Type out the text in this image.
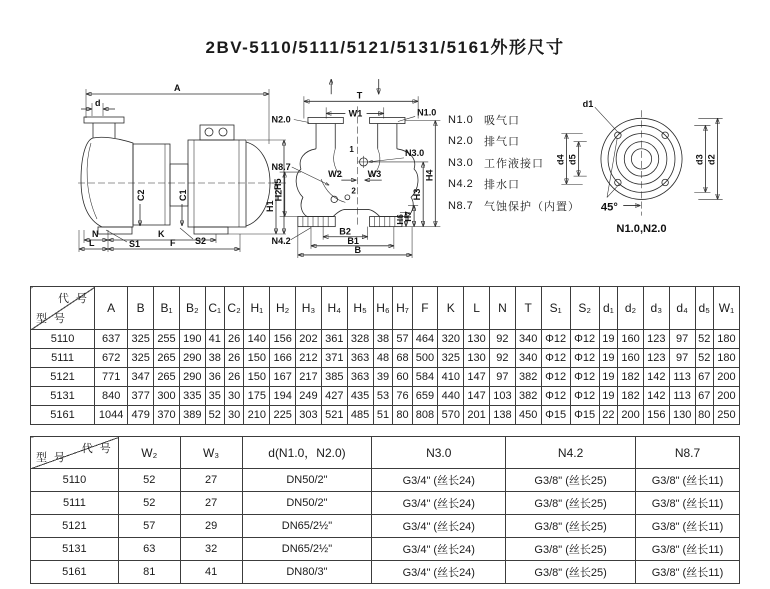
2BV-5110/5111/5121/5131/5161外形尺寸
A
d
C2	C1
H1
H5
S1	S2
N	K
L	F
T
W1
N2.0
N1.0
N8.7
N3.0
N4.2
1
2
W2	W3
H2
H4
H3
H6 H7
B2
B1
B
N1.0 吸气口
N2.0 排气口
N3.0 工作液接口
N4.2 排水口
N8.7 气蚀保护（内置）
d1
d4 d5	d3 d2
45°
N1.0,N2.0
代 号
型 号	A	B	B₁	B₂	C₁	C₂	H₁	H₂	H₃	H₄	H₅	H₆	H₇	F	K	L	N	T	S₁	S₂	d₁	d₂	d₃	d₄	d₅	W₁
5110	637	325	255	190	41	26	140	156	202	361	328	38	57	464	320	130	92	340	Φ12	Φ12	19	160	123	97	52	180
5111	672	325	265	290	38	26	150	166	212	371	363	48	68	500	325	130	92	340	Φ12	Φ12	19	160	123	97	52	180
5121	771	347	265	290	36	26	150	167	217	385	363	39	60	584	410	147	97	382	Φ12	Φ12	19	182	142	113	67	200
5131	840	377	300	335	35	30	175	194	249	427	435	53	76	659	440	147	103	382	Φ12	Φ12	19	182	142	113	67	200
5161	1044	479	370	389	52	30	210	225	303	521	485	51	80	808	570	201	138	450	Φ15	Φ15	22	200	156	130	80	250
代 号
型 号	W₂	W₃	d(N1.0，N2.0)	N3.0	N4.2	N8.7
5110	52	27	DN50/2"	G3/4" (丝长24)	G3/8" (丝长25)	G3/8" (丝长11)
5111	52	27	DN50/2"	G3/4" (丝长24)	G3/8" (丝长25)	G3/8" (丝长11)
5121	57	29	DN65/2½"	G3/4" (丝长24)	G3/8" (丝长25)	G3/8" (丝长11)
5131	63	32	DN65/2½"	G3/4" (丝长24)	G3/8" (丝长25)	G3/8" (丝长11)
5161	81	41	DN80/3"	G3/4" (丝长24)	G3/8" (丝长25)	G3/8" (丝长11)
